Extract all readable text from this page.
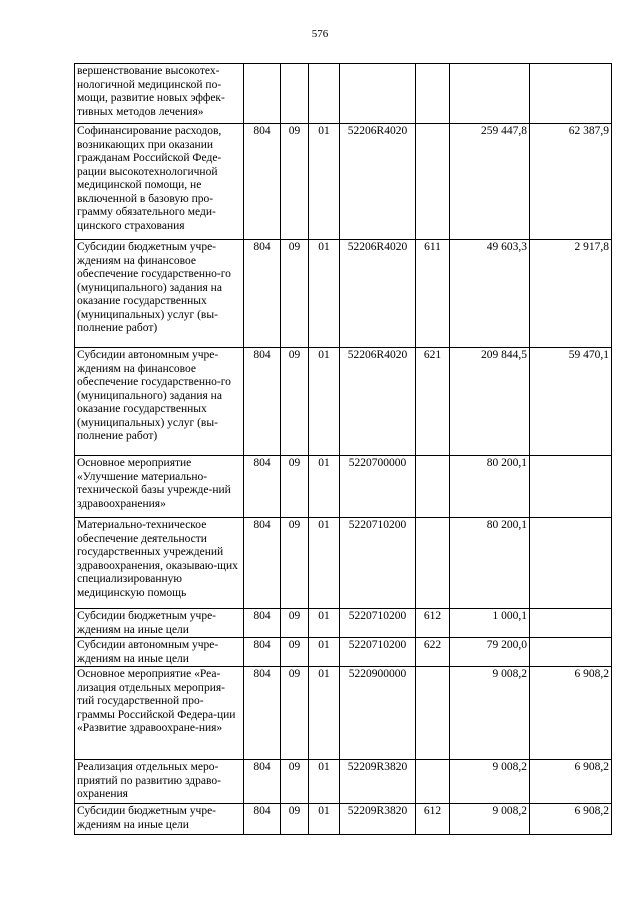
576
вершенствование высокотех-нологичной медицинской по-мощи, развитие новых эффек-тивных методов лечения»							
Софинансирование расходов, возникающих при оказании гражданам Российской Феде-рации высокотехнологичной медицинской помощи, не включенной в базовую про-грамму обязательного меди-цинского страхования	804	09	01	52206R4020		259 447,8	62 387,9
Субсидии бюджетным учре-ждениям на финансовое обеспечение государственно-го (муниципального) задания на оказание государственных (муниципальных) услуг (вы-полнение работ)	804	09	01	52206R4020	611	49 603,3	2 917,8
Субсидии автономным учре-ждениям на финансовое обеспечение государственно-го (муниципального) задания на оказание государственных (муниципальных) услуг (вы-полнение работ)	804	09	01	52206R4020	621	209 844,5	59 470,1
Основное мероприятие «Улучшение материально-технической базы учрежде-ний здравоохранения»	804	09	01	5220700000		80 200,1	
Материально-техническое обеспечение деятельности государственных учреждений здравоохранения, оказываю-щих специализированную медицинскую помощь	804	09	01	5220710200		80 200,1	
Субсидии бюджетным учре-ждениям на иные цели	804	09	01	5220710200	612	1 000,1	
Субсидии автономным учре-ждениям на иные цели	804	09	01	5220710200	622	79 200,0	
Основное мероприятие «Реа-лизация отдельных мероприя-тий государственной про-граммы Российской Федера-ции «Развитие здравоохране-ния»	804	09	01	5220900000		9 008,2	6 908,2
Реализация отдельных меро-приятий по развитию здраво-охранения	804	09	01	52209R3820		9 008,2	6 908,2
Субсидии бюджетным учре-ждениям на иные цели	804	09	01	52209R3820	612	9 008,2	6 908,2
